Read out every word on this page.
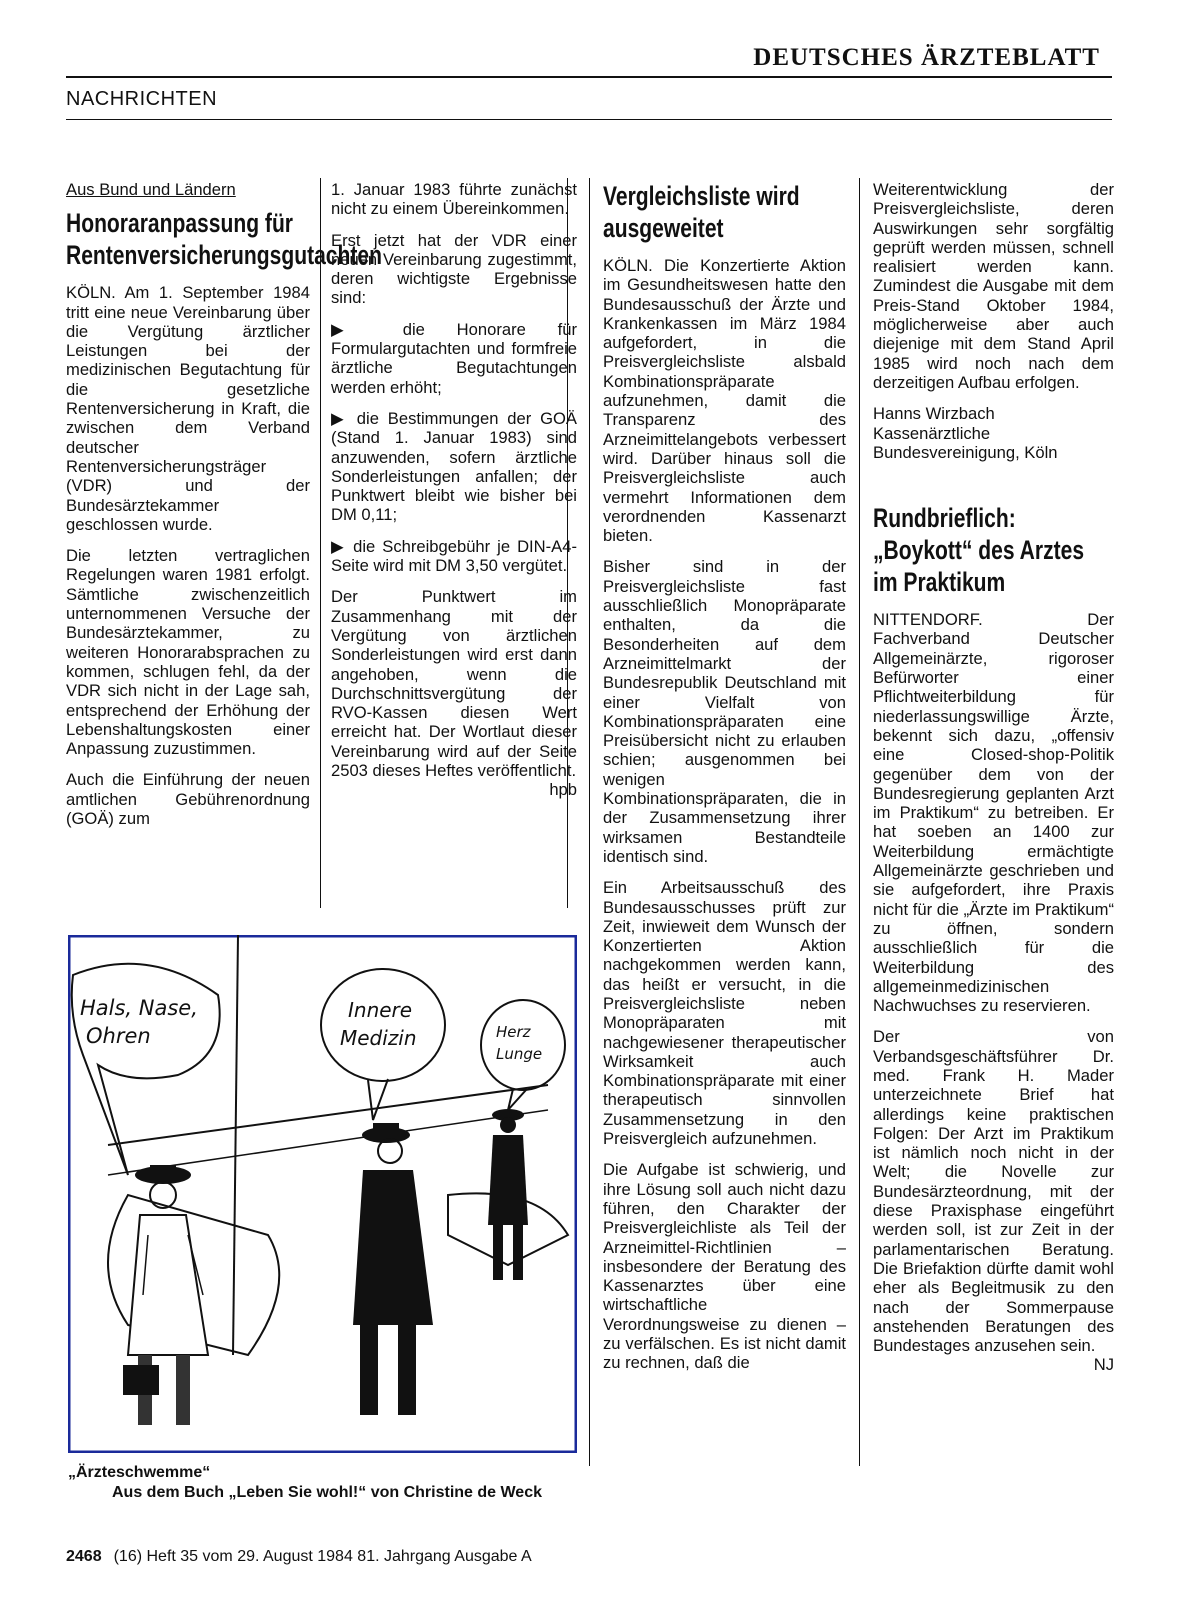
DEUTSCHES ÄRZTEBLATT
NACHRICHTEN
Aus Bund und Ländern
Honoraranpassung für Rentenversicherungsgutachten

KÖLN. Am 1. September 1984 tritt eine neue Vereinbarung über die Vergütung ärztlicher Leistungen bei der medizinischen Begutachtung für die gesetzliche Rentenversicherung in Kraft, die zwischen dem Verband deutscher Rentenversicherungsträger (VDR) und der Bundesärztekammer geschlossen wurde.

Die letzten vertraglichen Regelungen waren 1981 erfolgt. Sämtliche zwischenzeitlich unternommenen Versuche der Bundesärztekammer, zu weiteren Honorarabsprachen zu kommen, schlugen fehl, da der VDR sich nicht in der Lage sah, entsprechend der Erhöhung der Lebenshaltungskosten einer Anpassung zuzustimmen.

Auch die Einführung der neuen amtlichen Gebührenordnung (GOÄ) zum

1. Januar 1983 führte zunächst nicht zu einem Übereinkommen.

Erst jetzt hat der VDR einer neuen Vereinbarung zugestimmt, deren wichtigste Ergebnisse sind:

▶ die Honorare für Formulargutachten und formfreie ärztliche Begutachtungen werden erhöht;

▶ die Bestimmungen der GOÄ (Stand 1. Januar 1983) sind anzuwenden, sofern ärztliche Sonderleistungen anfallen; der Punktwert bleibt wie bisher bei DM 0,11;

▶ die Schreibgebühr je DIN-A4-Seite wird mit DM 3,50 vergütet.

Der Punktwert im Zusammenhang mit der Vergütung von ärztlichen Sonderleistungen wird erst dann angehoben, wenn die Durchschnittsvergütung der RVO-Kassen diesen Wert erreicht hat. Der Wortlaut dieser Vereinbarung wird auf der Seite 2503 dieses Heftes veröffentlicht.

hpb
Hals, Nase,
Ohren
Innere
Medizin	Herz
Lunge
„Ärzteschwemme“
Aus dem Buch „Leben Sie wohl!“ von Christine de Weck
Vergleichsliste wird ausgeweitet

KÖLN. Die Konzertierte Aktion im Gesundheitswesen hatte den Bundesausschuß der Ärzte und Krankenkassen im März 1984 aufgefordert, in die Preisvergleichsliste alsbald Kombinationspräparate aufzunehmen, damit die Transparenz des Arzneimittelangebots verbessert wird. Darüber hinaus soll die Preisvergleichsliste auch vermehrt Informationen dem verordnenden Kassenarzt bieten.

Bisher sind in der Preisvergleichsliste fast ausschließlich Monopräparate enthalten, da die Besonderheiten auf dem Arzneimittelmarkt der Bundesrepublik Deutschland mit einer Vielfalt von Kombinationspräparaten eine Preisübersicht nicht zu erlauben schien; ausgenommen bei wenigen Kombinationspräparaten, die in der Zusammensetzung ihrer wirksamen Bestandteile identisch sind.

Ein Arbeitsausschuß des Bundesausschusses prüft zur Zeit, inwieweit dem Wunsch der Konzertierten Aktion nachgekommen werden kann, das heißt er versucht, in die Preisvergleichsliste neben Monopräparaten mit nachgewiesener therapeutischer Wirksamkeit auch Kombinationspräparate mit einer therapeutisch sinnvollen Zusammensetzung in den Preisvergleich aufzunehmen.

Die Aufgabe ist schwierig, und ihre Lösung soll auch nicht dazu führen, den Charakter der Preisvergleichliste als Teil der Arzneimittel-Richtlinien – insbesondere der Beratung des Kassenarztes über eine wirtschaftliche Verordnungsweise zu dienen – zu verfälschen. Es ist nicht damit zu rechnen, daß die

Weiterentwicklung der Preisvergleichsliste, deren Auswirkungen sehr sorgfältig geprüft werden müssen, schnell realisiert werden kann. Zumindest die Ausgabe mit dem Preis-Stand Oktober 1984, möglicherweise aber auch diejenige mit dem Stand April 1985 wird noch nach dem derzeitigen Aufbau erfolgen.

Hanns Wirzbach
Kassenärztliche
Bundesvereinigung, Köln
Rundbrieflich: „Boykott“ des Arztes im Praktikum

NITTENDORF. Der Fachverband Deutscher Allgemeinärzte, rigoroser Befürworter einer Pflichtweiterbildung für niederlassungswillige Ärzte, bekennt sich dazu, „offensiv eine Closed-shop-Politik gegenüber dem von der Bundesregierung geplanten Arzt im Praktikum“ zu betreiben. Er hat soeben an 1400 zur Weiterbildung ermächtigte Allgemeinärzte geschrieben und sie aufgefordert, ihre Praxis nicht für die „Ärzte im Praktikum“ zu öffnen, sondern ausschließlich für die Weiterbildung des allgemeinmedizinischen Nachwuchses zu reservieren.

Der von Verbandsgeschäftsführer Dr. med. Frank H. Mader unterzeichnete Brief hat allerdings keine praktischen Folgen: Der Arzt im Praktikum ist nämlich noch nicht in der Welt; die Novelle zur Bundesärzteordnung, mit der diese Praxisphase eingeführt werden soll, ist zur Zeit in der parlamentarischen Beratung. Die Briefaktion dürfte damit wohl eher als Begleitmusik zu den nach der Sommerpause anstehenden Beratungen des Bundestages anzusehen sein.

NJ
2468 (16) Heft 35 vom 29. August 1984 81. Jahrgang Ausgabe A
